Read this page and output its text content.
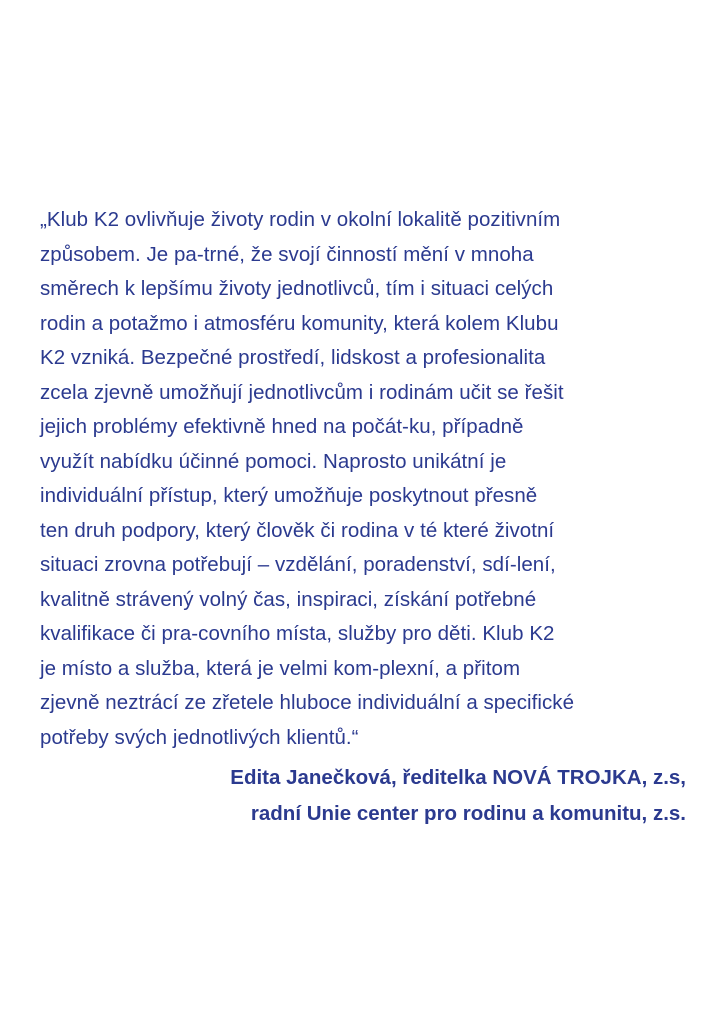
„Klub K2 ovlivňuje životy rodin v okolní lokalitě pozitivním
způsobem. Je pa-trné, že svojí činností mění v mnoha
směrech k lepšímu životy jednotlivců, tím i situaci celých
rodin a potažmo i atmosféru komunity, která kolem Klubu
K2 vzniká. Bezpečné prostředí, lidskost a profesionalita
zcela zjevně umožňují jednotlivcům i rodinám učit se řešit
jejich problémy efektivně hned na počát-ku, případně
využít nabídku účinné pomoci. Naprosto unikátní je
individuální přístup, který umožňuje poskytnout přesně
ten druh podpory, který člověk či rodina v té které životní
situaci zrovna potřebují – vzdělání, poradenství, sdí-lení,
kvalitně strávený volný čas, inspiraci, získání potřebné
kvalifikace či pra-covního místa, služby pro děti. Klub K2
je místo a služba, která je velmi kom-plexní, a přitom
zjevně neztrácí ze zřetele hluboce individuální a specifické
potřeby svých jednotlivých klientů.“
Edita Janečková, ředitelka NOVÁ TROJKA, z.s,
radní Unie center pro rodinu a komunitu, z.s.
